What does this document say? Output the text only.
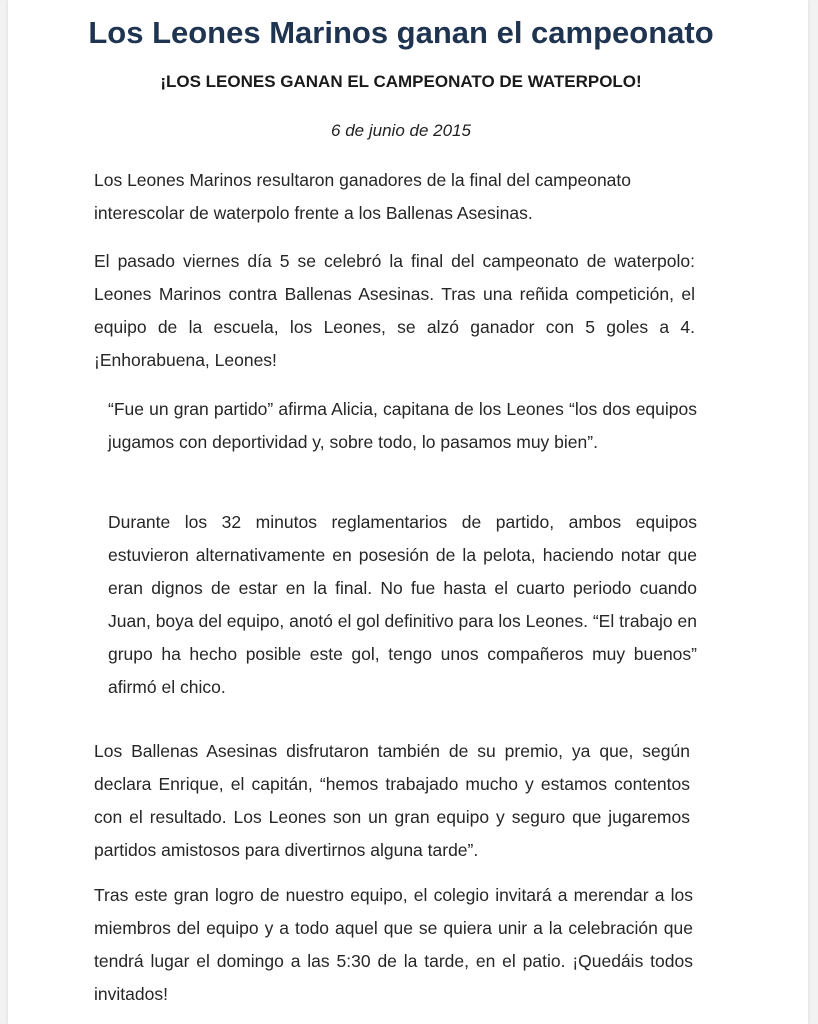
Los Leones Marinos ganan el campeonato
¡LOS LEONES GANAN EL CAMPEONATO DE WATERPOLO!

6 de junio de 2015

Los Leones Marinos resultaron ganadores de la final del campeonato interescolar de waterpolo frente a los Ballenas Asesinas.

El pasado viernes día 5 se celebró la final del campeonato de waterpolo: Leones Marinos contra Ballenas Asesinas. Tras una reñida competición, el equipo de la escuela, los Leones, se alzó ganador con 5 goles a 4. ¡Enhorabuena, Leones!

“Fue un gran partido” afirma Alicia, capitana de los Leones “los dos equipos jugamos con deportividad y, sobre todo, lo pasamos muy bien”.

Durante los 32 minutos reglamentarios de partido, ambos equipos estuvieron alternativamente en posesión de la pelota, haciendo notar que eran dignos de estar en la final. No fue hasta el cuarto periodo cuando Juan, boya del equipo, anotó el gol definitivo para los Leones. “El trabajo en grupo ha hecho posible este gol, tengo unos compañeros muy buenos” afirmó el chico.

Los Ballenas Asesinas disfrutaron también de su premio, ya que, según declara Enrique, el capitán, “hemos trabajado mucho y estamos contentos con el resultado. Los Leones son un gran equipo y seguro que jugaremos partidos amistosos para divertirnos alguna tarde”.

Tras este gran logro de nuestro equipo, el colegio invitará a merendar a los miembros del equipo y a todo aquel que se quiera unir a la celebración que tendrá lugar el domingo a las 5:30 de la tarde, en el patio. ¡Quedáis todos invitados!
